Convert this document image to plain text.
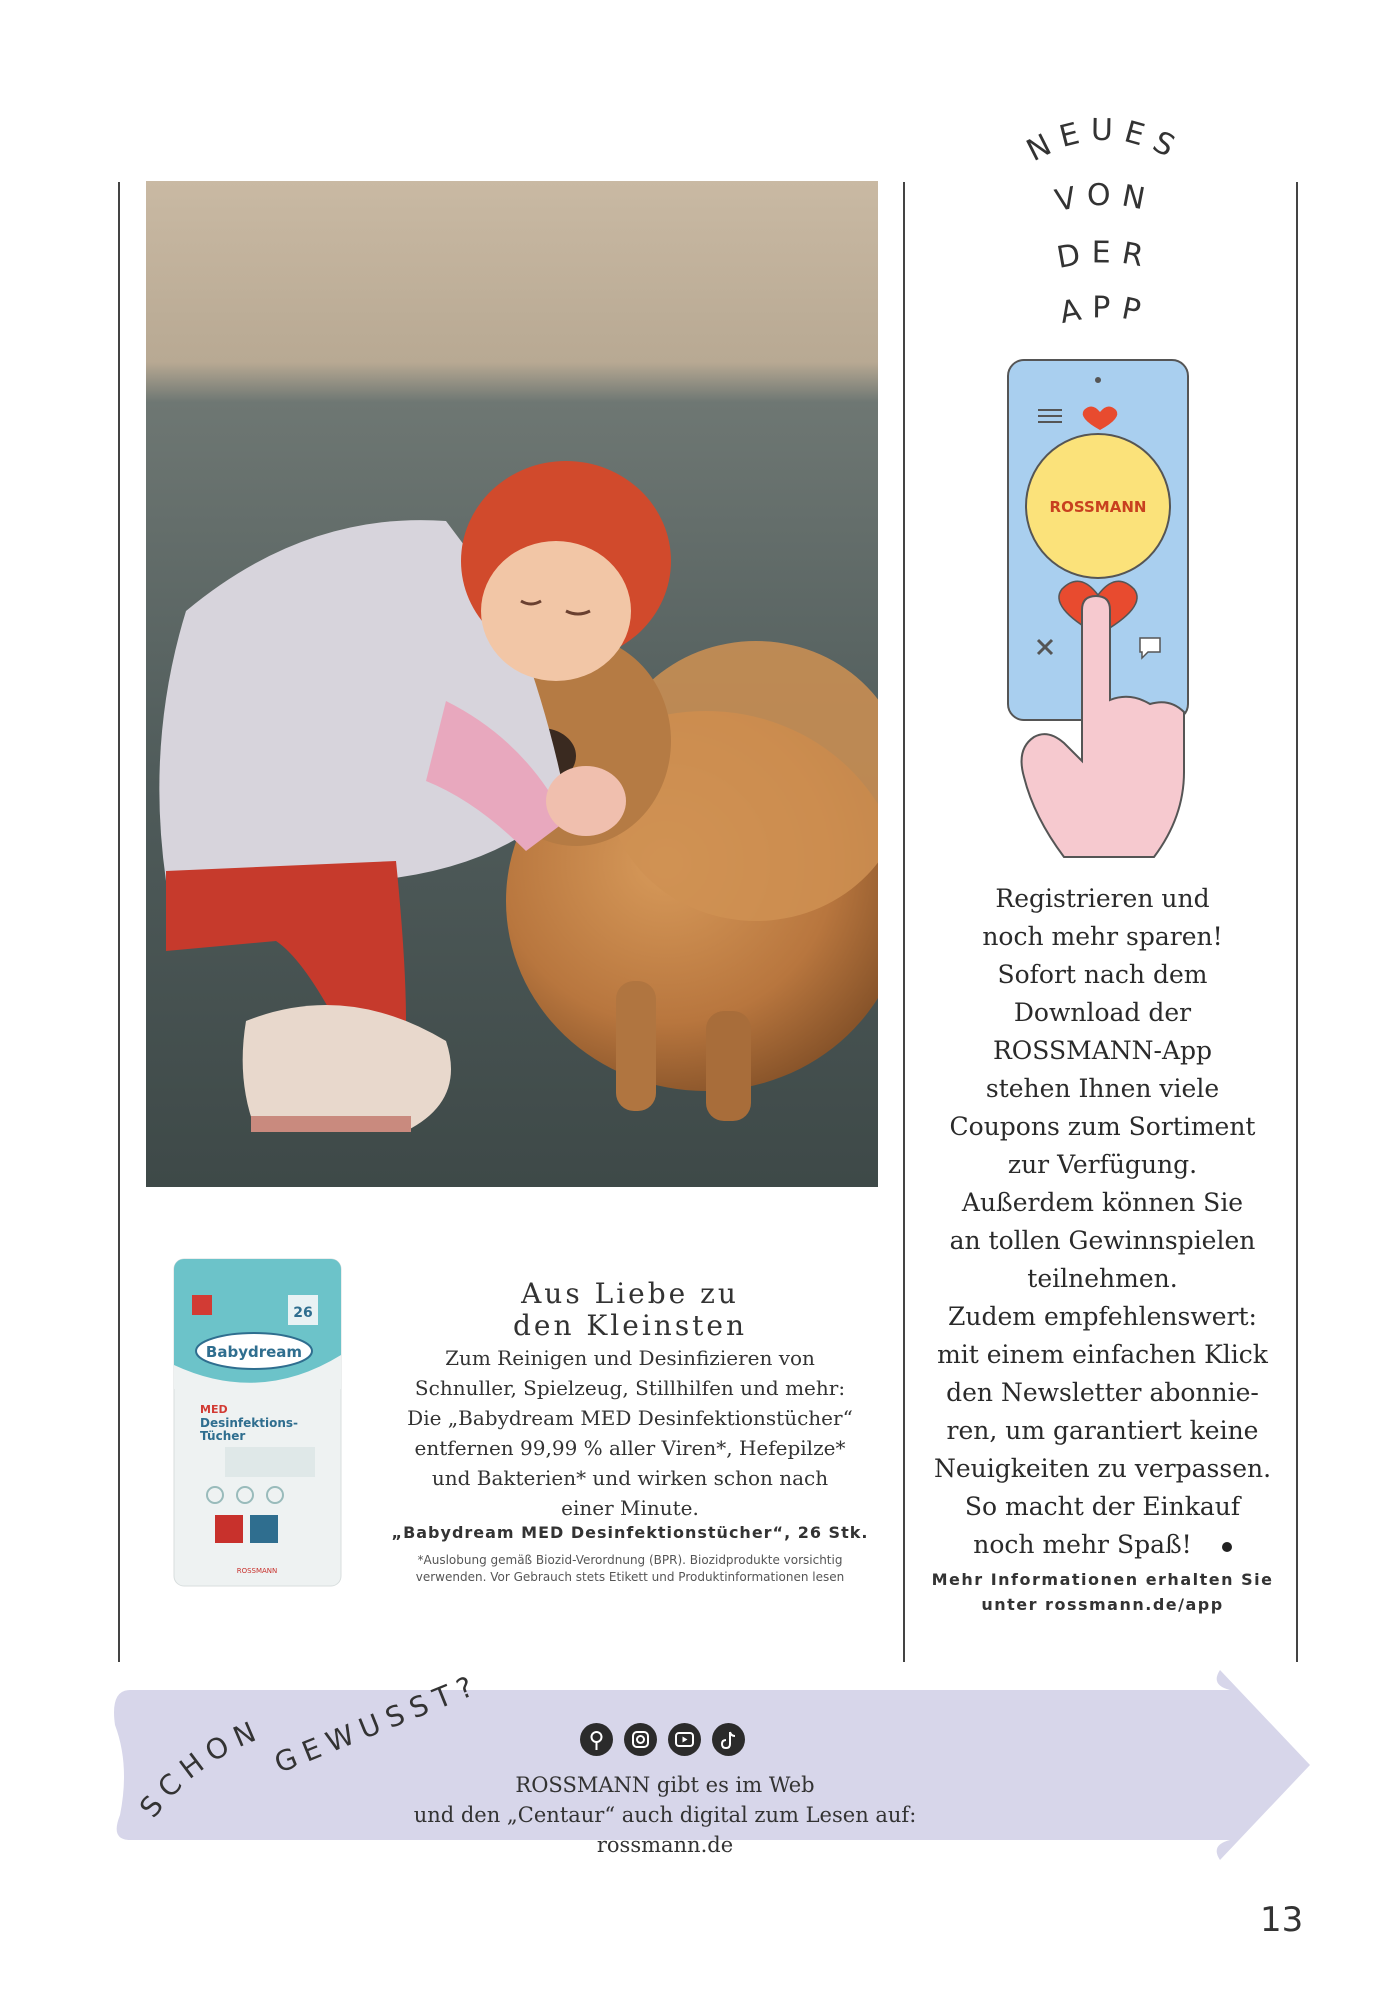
26
Babydream
MED
Desinfektions-
Tücher
ROSSMANN
Aus Liebe zu
den Kleinsten
Zum Reinigen und Desinfizieren von
Schnuller, Spielzeug, Stillhilfen und mehr:
Die „Babydream MED Desinfektionstücher“
entfernen 99,99 % aller Viren*, Hefepilze*
und Bakterien* und wirken schon nach
einer Minute.
„Babydream MED Desinfektionstücher“, 26 Stk.
*Auslobung gemäß Biozid-Verordnung (BPR). Biozidprodukte vorsichtig
verwenden. Vor Gebrauch stets Etikett und Produktinformationen lesen
NEUES
VON
DER
APP
ROSSMANN
Registrieren und
noch mehr sparen!
Sofort nach dem
Download der
ROSSMANN-App
stehen Ihnen viele
Coupons zum Sortiment
zur Verfügung.
Außerdem können Sie
an tollen Gewinnspielen
teilnehmen.
Zudem empfehlenswert:
mit einem einfachen Klick
den Newsletter abonnie-
ren, um garantiert keine
Neuigkeiten zu verpassen.
So macht der Einkauf
noch mehr Spaß!
Mehr Informationen erhalten Sie
unter rossmann.de/app
SCHON GEWUSST?
ROSSMANN gibt es im Web
und den „Centaur“ auch digital zum Lesen auf: rossmann.de
13
